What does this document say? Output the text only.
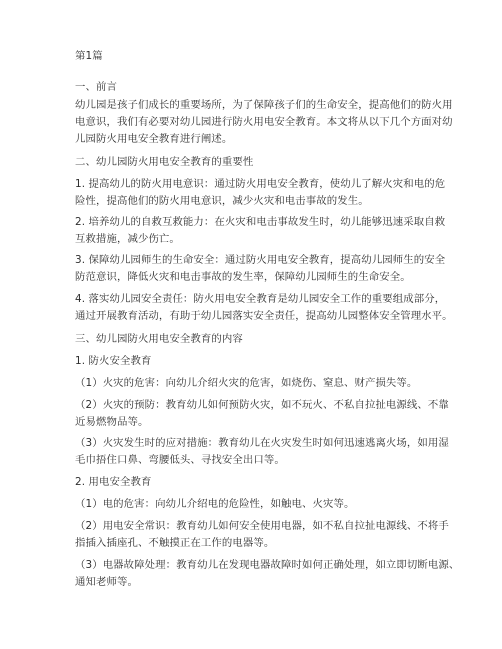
第1篇
一、前言
幼儿园是孩子们成长的重要场所，为了保障孩子们的生命安全，提高他们的防火用
电意识，我们有必要对幼儿园进行防火用电安全教育。本文将从以下几个方面对幼
儿园防火用电安全教育进行阐述。
二、幼儿园防火用电安全教育的重要性
1. 提高幼儿的防火用电意识：通过防火用电安全教育，使幼儿了解火灾和电的危
险性，提高他们的防火用电意识，减少火灾和电击事故的发生。
2. 培养幼儿的自救互救能力：在火灾和电击事故发生时，幼儿能够迅速采取自救
互救措施，减少伤亡。
3. 保障幼儿园师生的生命安全：通过防火用电安全教育，提高幼儿园师生的安全
防范意识，降低火灾和电击事故的发生率，保障幼儿园师生的生命安全。
4. 落实幼儿园安全责任：防火用电安全教育是幼儿园安全工作的重要组成部分，
通过开展教育活动，有助于幼儿园落实安全责任，提高幼儿园整体安全管理水平。
三、幼儿园防火用电安全教育的内容
1. 防火安全教育
（1）火灾的危害：向幼儿介绍火灾的危害，如烧伤、窒息、财产损失等。
（2）火灾的预防：教育幼儿如何预防火灾，如不玩火、不私自拉扯电源线、不靠
近易燃物品等。
（3）火灾发生时的应对措施：教育幼儿在火灾发生时如何迅速逃离火场，如用湿
毛巾捂住口鼻、弯腰低头、寻找安全出口等。
2. 用电安全教育
（1）电的危害：向幼儿介绍电的危险性，如触电、火灾等。
（2）用电安全常识：教育幼儿如何安全使用电器，如不私自拉扯电源线、不将手
指插入插座孔、不触摸正在工作的电器等。
（3）电器故障处理：教育幼儿在发现电器故障时如何正确处理，如立即切断电源、
通知老师等。
